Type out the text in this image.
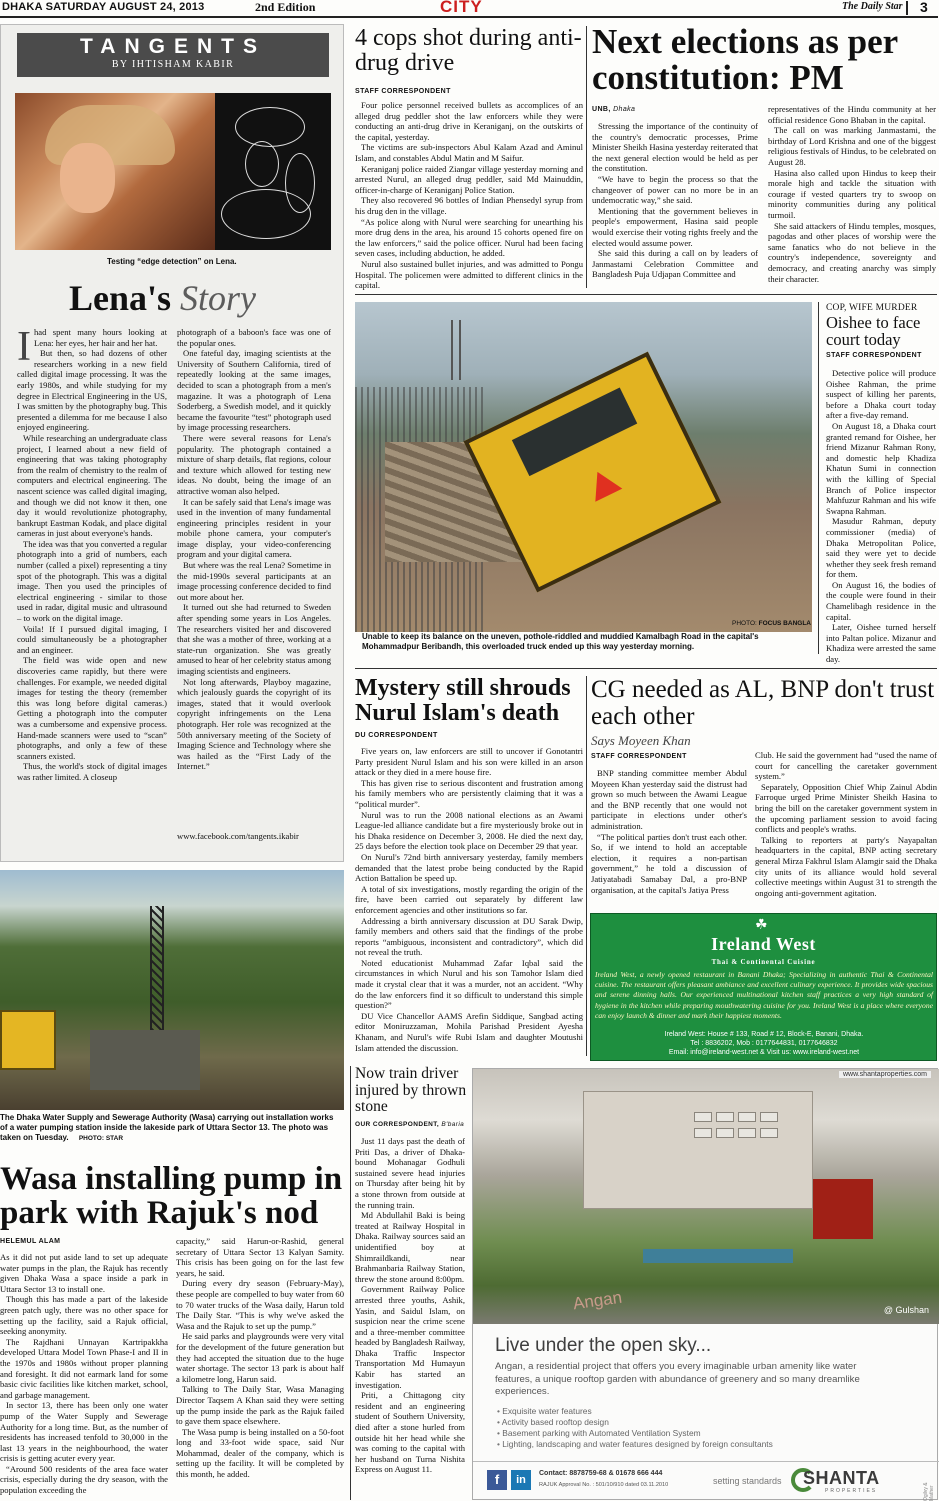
DHAKA SATURDAY AUGUST 24, 2013	2nd Edition	CITY	The Daily Star 3
TANGENTS
BY IHTISHAM KABIR
Testing “edge detection” on Lena.
Lena's Story
I had spent many hours looking at Lena: her eyes, her hair and her hat.

But then, so had dozens of other researchers working in a new field called digital image processing. It was the early 1980s, and while studying for my degree in Electrical Engineering in the US, I was smitten by the photography bug. This presented a dilemma for me because I also enjoyed engineering.

While researching an undergraduate class project, I learned about a new field of engineering that was taking photography from the realm of chemistry to the realm of computers and electrical engineering. The nascent science was called digital imaging, and though we did not know it then, one day it would revolutionize photography, bankrupt Eastman Kodak, and place digital cameras in just about everyone's hands.

The idea was that you converted a regular photograph into a grid of numbers, each number (called a pixel) representing a tiny spot of the photograph. This was a digital image. Then you used the principles of electrical engineering - similar to those used in radar, digital music and ultrasound – to work on the digital image.

Voila! If I pursued digital imaging, I could simultaneously be a photographer and an engineer.

The field was wide open and new discoveries came rapidly, but there were challenges. For example, we needed digital images for testing the theory (remember this was long before digital cameras.) Getting a photograph into the computer was a cumbersome and expensive process. Hand-made scanners were used to “scan” photographs, and only a few of these scanners existed.

Thus, the world's stock of digital images was rather limited. A closeup

photograph of a baboon's face was one of the popular ones.

One fateful day, imaging scientists at the University of Southern California, tired of repeatedly looking at the same images, decided to scan a photograph from a men's magazine. It was a photograph of Lena Soderberg, a Swedish model, and it quickly became the favourite “test” photograph used by image processing researchers.

There were several reasons for Lena's popularity. The photograph contained a mixture of sharp details, flat regions, colour and texture which allowed for testing new ideas. No doubt, being the image of an attractive woman also helped.

It can be safely said that Lena's image was used in the invention of many fundamental engineering principles resident in your mobile phone camera, your computer's image display, your video-conferencing program and your digital camera.

But where was the real Lena? Sometime in the mid-1990s several participants at an image processing conference decided to find out more about her.

It turned out she had returned to Sweden after spending some years in Los Angeles. The researchers visited her and discovered that she was a mother of three, working at a state-run organization. She was greatly amused to hear of her celebrity status among imaging scientists and engineers.

Not long afterwards, Playboy magazine, which jealously guards the copyright of its images, stated that it would overlook copyright infringements on the Lena photograph. Her role was recognized at the 50th anniversary meeting of the Society of Imaging Science and Technology where she was hailed as the “First Lady of the Internet.”

www.facebook.com/tangents.ikabir
4 cops shot during anti-drug drive
STAFF CORRESPONDENT

Four police personnel received bullets as accomplices of an alleged drug peddler shot the law enforcers while they were conducting an anti-drug drive in Keraniganj, on the outskirts of the capital, yesterday.

The victims are sub-inspectors Abul Kalam Azad and Aminul Islam, and constables Abdul Matin and M Saifur.

Keraniganj police raided Ziangar village yesterday morning and arrested Nurul, an alleged drug peddler, said Md Mainuddin, officer-in-charge of Keraniganj Police Station.

They also recovered 96 bottles of Indian Phensedyl syrup from his drug den in the village.

“As police along with Nurul were searching for unearthing his more drug dens in the area, his around 15 cohorts opened fire on the law enforcers,” said the police officer. Nurul had been facing seven cases, including abduction, he added.

Nurul also sustained bullet injuries, and was admitted to Pongu Hospital. The policemen were admitted to different clinics in the capital.

Next elections as per constitution: PM
UNB, Dhaka

Stressing the importance of the continuity of the country's democratic processes, Prime Minister Sheikh Hasina yesterday reiterated that the next general election would be held as per the constitution.

“We have to begin the process so that the changeover of power can no more be in an undemocratic way,” she said.

Mentioning that the government believes in people's empowerment, Hasina said people would exercise their voting rights freely and the elected would assume power.

She said this during a call on by leaders of Janmastami Celebration Committee and Bangladesh Puja Udjapan Committee and

representatives of the Hindu community at her official residence Gono Bhaban in the capital.

The call on was marking Janmastami, the birthday of Lord Krishna and one of the biggest religious festivals of Hindus, to be celebrated on August 28.

Hasina also called upon Hindus to keep their morale high and tackle the situation with courage if vested quarters try to swoop on minority communities during any political turmoil.

She said attackers of Hindu temples, mosques, pagodas and other places of worship were the same fanatics who do not believe in the country's independence, sovereignty and democracy, and creating anarchy was simply their character.

PHOTO: FOCUS BANGLA
Unable to keep its balance on the uneven, pothole-riddled and muddied Kamalbagh Road in the capital's Mohammadpur Beribandh, this overloaded truck ended up this way yesterday morning.
COP, WIFE MURDER
Oishee to face court today
STAFF CORRESPONDENT

Detective police will produce Oishee Rahman, the prime suspect of killing her parents, before a Dhaka court today after a five-day remand.

On August 18, a Dhaka court granted remand for Oishee, her friend Mizanur Rahman Rony, and domestic help Khadiza Khatun Sumi in connection with the killing of Special Branch of Police inspector Mahfuzur Rahman and his wife Swapna Rahman.

Masudur Rahman, deputy commissioner (media) of Dhaka Metropolitan Police, said they were yet to decide whether they seek fresh remand for them.

On August 16, the bodies of the couple were found in their Chamelibagh residence in the capital.

Later, Oishee turned herself into Paltan police. Mizanur and Khadiza were arrested the same day.

Mystery still shrouds Nurul Islam's death
DU CORRESPONDENT

Five years on, law enforcers are still to uncover if Gonotantri Party president Nurul Islam and his son were killed in an arson attack or they died in a mere house fire.

This has given rise to serious discontent and frustration among his family members who are persistently claiming that it was a “political murder”.

Nurul was to run the 2008 national elections as an Awami League-led alliance candidate but a fire mysteriously broke out in his Dhaka residence on December 3, 2008. He died the next day, 25 days before the election took place on December 29 that year.

On Nurul's 72nd birth anniversary yesterday, family members demanded that the latest probe being conducted by the Rapid Action Battalion be speed up.

A total of six investigations, mostly regarding the origin of the fire, have been carried out separately by different law enforcement agencies and other institutions so far.

Addressing a birth anniversary discussion at DU Sarak Dwip, family members and others said that the findings of the probe reports “ambiguous, inconsistent and contradictory”, which did not reveal the truth.

Noted educationist Muhammad Zafar Iqbal said the circumstances in which Nurul and his son Tamohor Islam died made it crystal clear that it was a murder, not an accident. “Why do the law enforcers find it so difficult to understand this simple question?”

DU Vice Chancellor AAMS Arefin Siddique, Sangbad acting editor Moniruzzaman, Mohila Parishad President Ayesha Khanam, and Nurul's wife Rubi Islam and daughter Moutushi Islam attended the discussion.

CG needed as AL, BNP don't trust each other
Says Moyeen Khan
STAFF CORRESPONDENT

BNP standing committee member Abdul Moyeen Khan yesterday said the distrust had grown so much between the Awami League and the BNP recently that one would not participate in elections under other's administration.

“The political parties don't trust each other. So, if we intend to hold an acceptable election, it requires a non-partisan government,” he told a discussion of Jatiyatabadi Samabay Dal, a pro-BNP organisation, at the capital's Jatiya Press

Club. He said the government had “used the name of court for cancelling the caretaker government system.”

Separately, Opposition Chief Whip Zainul Abdin Farroque urged Prime Minister Sheikh Hasina to bring the bill on the caretaker government system in the upcoming parliament session to avoid facing conflicts and people's wraths.

Talking to reporters at party's Nayapaltan headquarters in the capital, BNP acting secretary general Mirza Fakhrul Islam Alamgir said the Dhaka city units of its alliance would hold several collective meetings within August 31 to strength the ongoing anti-government agitation.

☘
Ireland West
Thai & Continental Cuisine
Ireland West, a newly opened restaurant in Banani Dhaka; Specializing in authentic Thai & Continental cuisine. The restaurant offers pleasant ambiance and excellent culinary experience. It provides wide spacious and serene dinning halls. Our experienced multinational kitchen staff practices a very high standard of hygiene in the kitchen while preparing mouthwatering cuisine for you. Ireland West is a place where everyone can enjoy launch & dinner and mark their happiest moments.
Ireland West: House # 133, Road # 12, Block-E, Banani, Dhaka.
Tel : 8836202, Mob : 0177644831, 0177646832
Email: info@ireland-west.net & Visit us: www.ireland-west.net
The Dhaka Water Supply and Sewerage Authority (Wasa) carrying out installation works of a water pumping station inside the lakeside park of Uttara Sector 13. The photo was taken on Tuesday. PHOTO: STAR
Wasa installing pump in park with Rajuk's nod
HELEMUL ALAM

As it did not put aside land to set up adequate water pumps in the plan, the Rajuk has recently given Dhaka Wasa a space inside a park in Uttara Sector 13 to install one.

Though this has made a part of the lakeside green patch ugly, there was no other space for setting up the facility, said a Rajuk official, seeking anonymity.

The Rajdhani Unnayan Kartripakkha developed Uttara Model Town Phase-I and II in the 1970s and 1980s without proper planning and foresight. It did not earmark land for some basic civic facilities like kitchen market, school, and garbage management.

In sector 13, there has been only one water pump of the Water Supply and Sewerage Authority for a long time. But, as the number of residents has increased tenfold to 30,000 in the last 13 years in the neighbourhood, the water crisis is getting acuter every year.

“Around 500 residents of the area face water crisis, especially during the dry season, with the population exceeding the

capacity,” said Harun-or-Rashid, general secretary of Uttara Sector 13 Kalyan Samity. This crisis has been going on for the last few years, he said.

During every dry season (February-May), these people are compelled to buy water from 60 to 70 water trucks of the Wasa daily, Harun told The Daily Star. “This is why we've asked the Wasa and the Rajuk to set up the pump.”

He said parks and playgrounds were very vital for the development of the future generation but they had accepted the situation due to the huge water shortage. The sector 13 park is about half a kilometre long, Harun said.

Talking to The Daily Star, Wasa Managing Director Taqsem A Khan said they were setting up the pump inside the park as the Rajuk failed to gave them space elsewhere.

The Wasa pump is being installed on a 50-foot long and 33-foot wide space, said Nur Mohammad, dealer of the company, which is setting up the facility. It will be completed by this month, he added.

Now train driver injured by thrown stone
OUR CORRESPONDENT, B'baria

Just 11 days past the death of Priti Das, a driver of Dhaka-bound Mohanagar Godhuli sustained severe head injuries on Thursday after being hit by a stone thrown from outside at the running train.

Md Abdullahil Baki is being treated at Railway Hospital in Dhaka. Railway sources said an unidentified boy at Shimraildkandi, near Brahmanbaria Railway Station, threw the stone around 8:00pm.

Government Railway Police arrested three youths, Ashik, Yasin, and Saidul Islam, on suspicion near the crime scene and a three-member committee headed by Bangladesh Railway, Dhaka Traffic Inspector Transportation Md Humayun Kabir has started an investigation.

Priti, a Chittagong city resident and an engineering student of Southern University, died after a stone hurled from outside hit her head while she was coming to the capital with her husband on Turna Nishita Express on August 11.

www.shantaproperties.com
Angan	@ Gulshan
Live under the open sky...
Angan, a residential project that offers you every imaginable urban amenity like water features, a unique rooftop garden with abundance of greenery and so many dreamlike experiences.
• Exquisite water features
• Activity based rooftop design
• Basement parking with Automated Ventilation System
• Lighting, landscaping and water features designed by foreign consultants
f	in
Contact: 8878759-68 & 01678 666 444
RAJUK Approval No. : 501/10/910 dated 03.11.2010	setting standards SHANTA
PROPERTIES	Ogilvy & Mather
